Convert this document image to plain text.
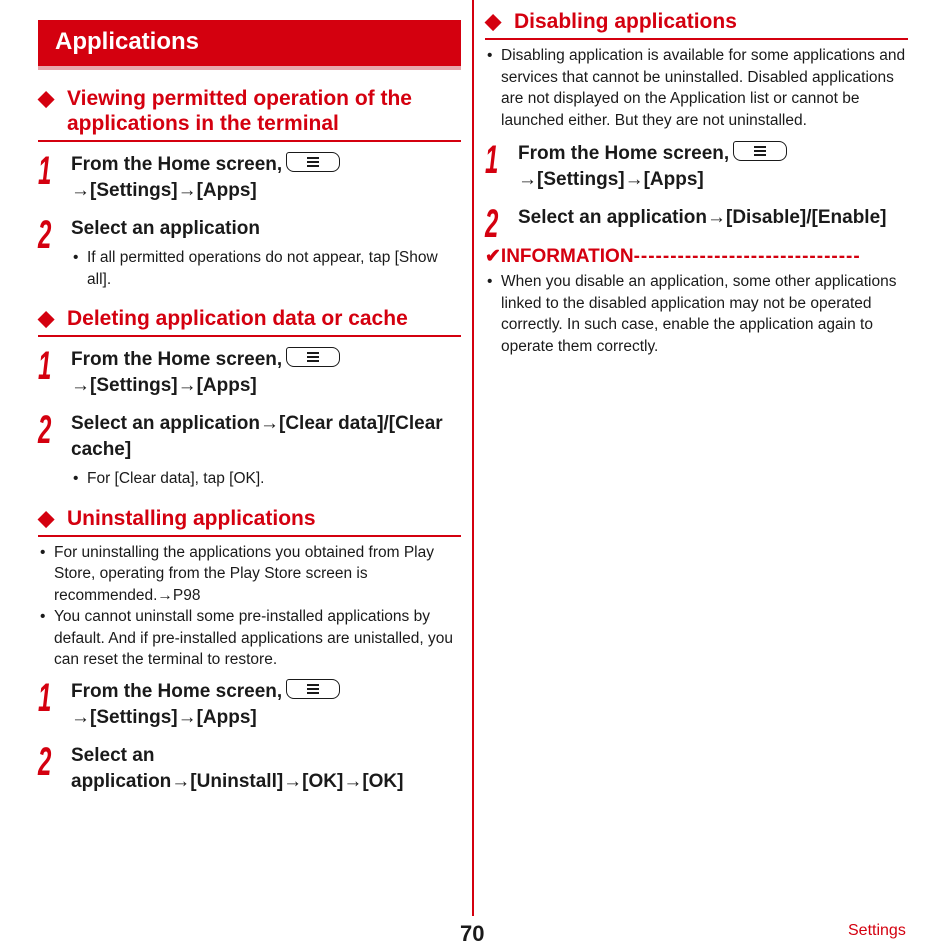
Applications
◆ Viewing permitted operation of the applications in the terminal
1 From the Home screen,→[Settings]→[Apps]
2 Select an application
• If all permitted operations do not appear, tap [Show all].
◆ Deleting application data or cache
1 From the Home screen,→[Settings]→[Apps]
2 Select an application→[Clear data]/[Clear cache]
• For [Clear data], tap [OK].
◆ Uninstalling applications
• For uninstalling the applications you obtained from Play Store, operating from the Play Store screen is recommended.→P98
• You cannot uninstall some pre-installed applications by default. And if pre-installed applications are unistalled, you can reset the terminal to restore.
1 From the Home screen,→[Settings]→[Apps]
2 Select an application→[Uninstall]→[OK]→[OK]
◆ Disabling applications
• Disabling application is available for some applications and services that cannot be uninstalled. Disabled applications are not displayed on the Application list or cannot be launched either. But they are not uninstalled.
1 From the Home screen,→[Settings]→[Apps]
2 Select an application→[Disable]/[Enable]
✔INFORMATION-------------------------------
• When you disable an application, some other applications linked to the disabled application may not be operated correctly. In such case, enable the application again to operate them correctly.
70	Settings
